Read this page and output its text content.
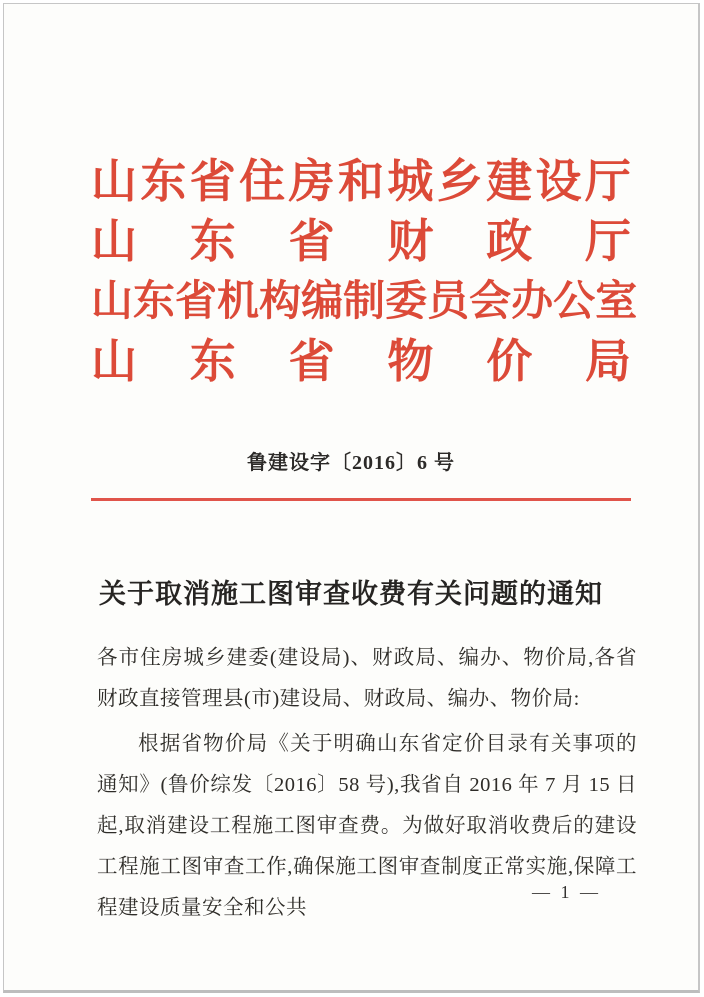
山 东 省 住 房 和 城 乡 建 设 厅
山 东 省 财 政 厅
山 东 省 机 构 编 制 委 员 会 办 公 室
山 东 省 物 价 局
鲁建设字〔2016〕6 号
关于取消施工图审查收费有关问题的通知

各市住房城乡建委(建设局)、财政局、编办、物价局,各省财政直接管理县(市)建设局、财政局、编办、物价局:

根据省物价局《关于明确山东省定价目录有关事项的通知》(鲁价综发〔2016〕58 号),我省自 2016 年 7 月 15 日起,取消建设工程施工图审查费。为做好取消收费后的建设工程施工图审查工作,确保施工图审查制度正常实施,保障工程建设质量安全和公共

— 1 —
